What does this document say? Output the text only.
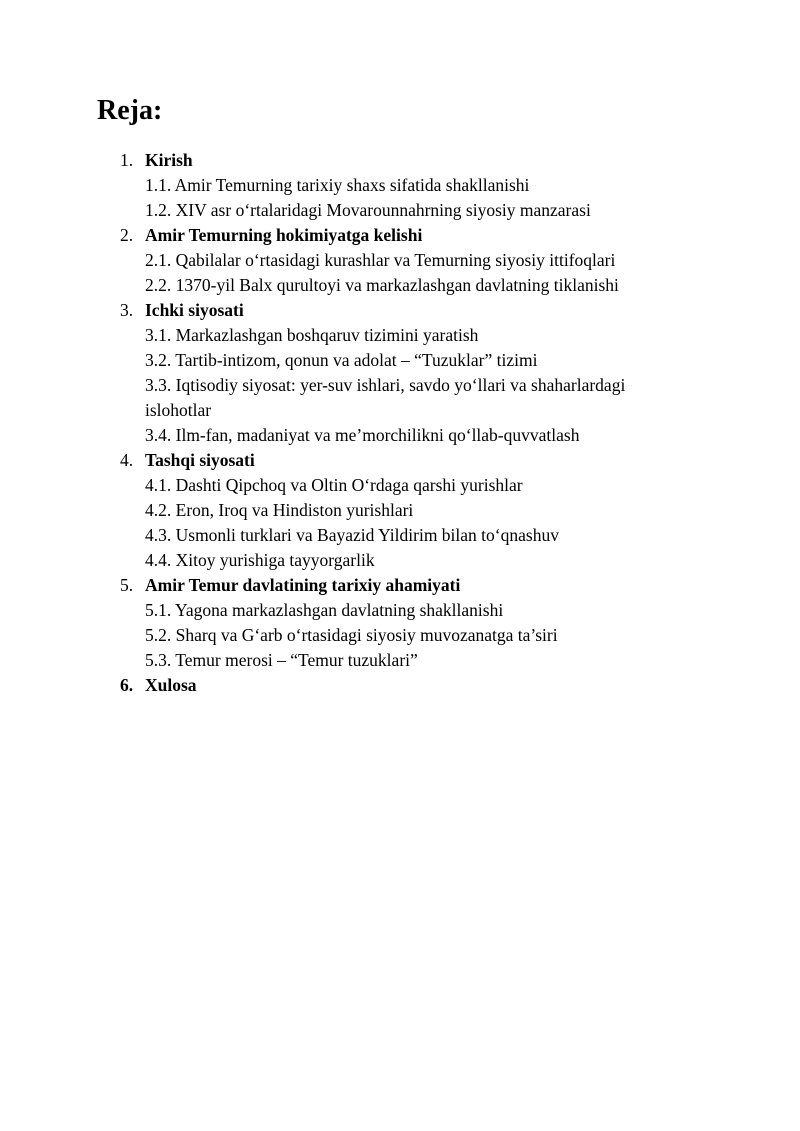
Reja:
1. Kirish
1.1. Amir Temurning tarixiy shaxs sifatida shakllanishi
1.2. XIV asr o‘rtalaridagi Movarounnahrning siyosiy manzarasi
2. Amir Temurning hokimiyatga kelishi
2.1. Qabilalar o‘rtasidagi kurashlar va Temurning siyosiy ittifoqlari
2.2. 1370-yil Balx qurultoyi va markazlashgan davlatning tiklanishi
3. Ichki siyosati
3.1. Markazlashgan boshqaruv tizimini yaratish
3.2. Tartib-intizom, qonun va adolat – “Tuzuklar” tizimi
3.3. Iqtisodiy siyosat: yer-suv ishlari, savdo yo‘llari va shaharlardagi islohotlar
3.4. Ilm-fan, madaniyat va me’morchilikni qo‘llab-quvvatlash
4. Tashqi siyosati
4.1. Dashti Qipchoq va Oltin O‘rdaga qarshi yurishlar
4.2. Eron, Iroq va Hindiston yurishlari
4.3. Usmonli turklari va Bayazid Yildirim bilan to‘qnashuv
4.4. Xitoy yurishiga tayyorgarlik
5. Amir Temur davlatining tarixiy ahamiyati
5.1. Yagona markazlashgan davlatning shakllanishi
5.2. Sharq va G‘arb o‘rtasidagi siyosiy muvozanatga ta’siri
5.3. Temur merosi – “Temur tuzuklari”
6. Xulosa
